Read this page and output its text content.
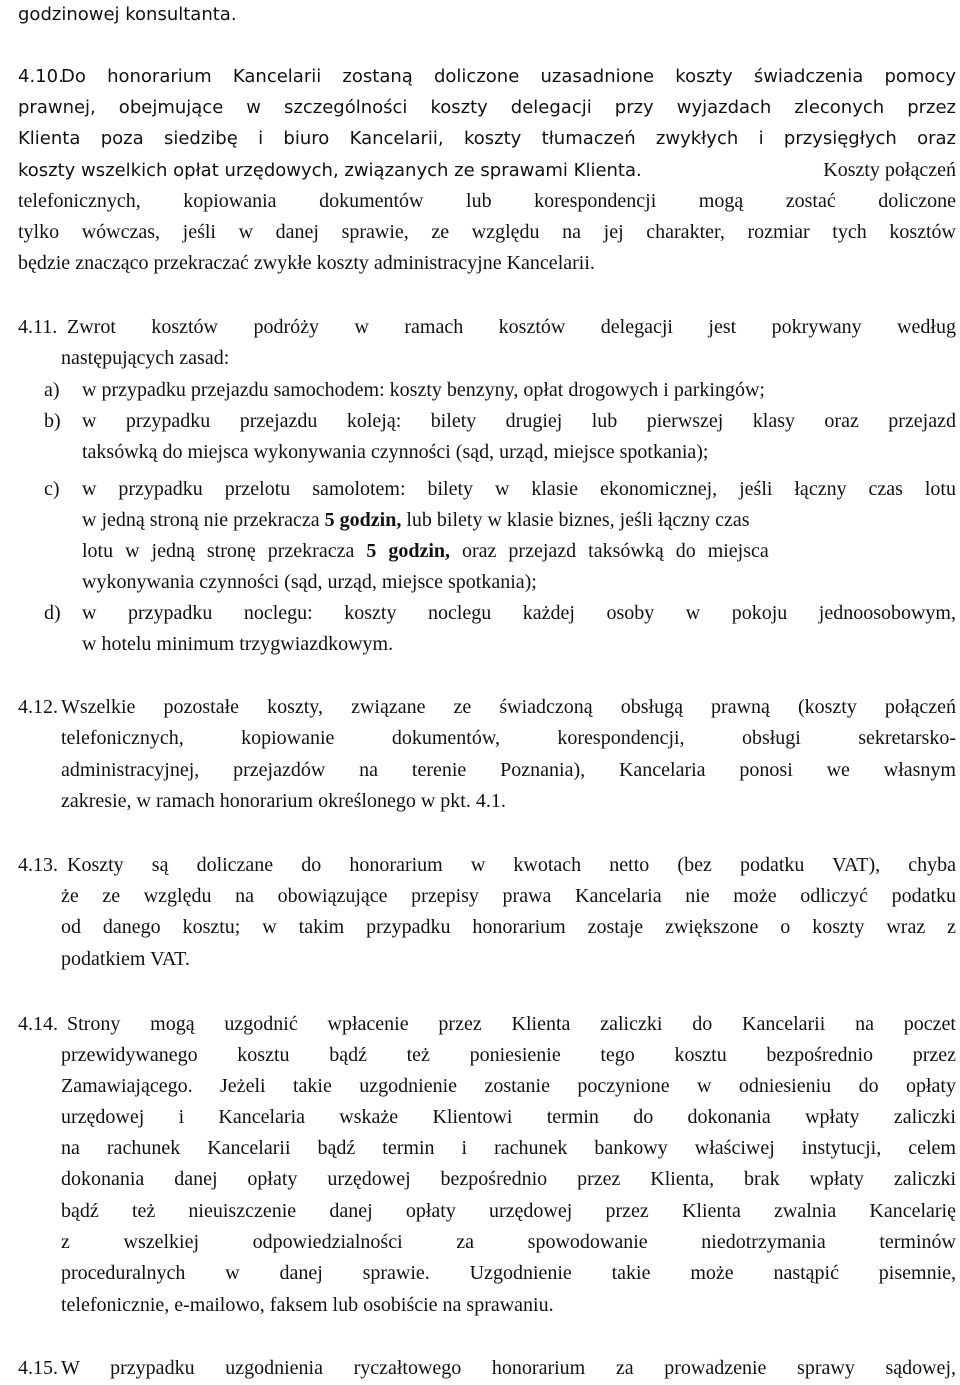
godzinowej konsultanta.
4.10.
Do honorarium Kancelarii zostaną doliczone uzasadnione koszty świadczenia pomocy
prawnej, obejmujące w szczególności koszty delegacji przy wyjazdach zleconych przez
Klienta poza siedzibę i biuro Kancelarii, koszty tłumaczeń zwykłych i przysięgłych oraz
koszty wszelkich opłat urzędowych, związanych ze sprawami Klienta.	Koszty połączeń
telefonicznych, kopiowania dokumentów lub korespondencji mogą zostać doliczone
tylko wówczas, jeśli w danej sprawie, ze względu na jej charakter, rozmiar tych kosztów
będzie znacząco przekraczać zwykłe koszty administracyjne Kancelarii.
4.11. Zwrot kosztów podróży w ramach kosztów delegacji jest pokrywany według
następujących zasad:
a) w przypadku przejazdu samochodem: koszty benzyny, opłat drogowych i parkingów;
b) w przypadku przejazdu koleją: bilety drugiej lub pierwszej klasy oraz przejazd
taksówką do miejsca wykonywania czynności (sąd, urząd, miejsce spotkania);
c) w przypadku przelotu samolotem: bilety w klasie ekonomicznej, jeśli łączny czas lotu
w jedną stroną nie przekracza 5 godzin, lub bilety w klasie biznes, jeśli łączny czas
lotu w jedną stronę przekracza 5 godzin, oraz przejazd taksówką do miejsca
wykonywania czynności (sąd, urząd, miejsce spotkania);
d) w przypadku noclegu: koszty noclegu każdej osoby w pokoju jednoosobowym,
w hotelu minimum trzygwiazdkowym.
4.12. Wszelkie pozostałe koszty, związane ze świadczoną obsługą prawną (koszty połączeń
telefonicznych, kopiowanie dokumentów, korespondencji, obsługi sekretarsko-
administracyjnej, przejazdów na terenie Poznania), Kancelaria ponosi we własnym
zakresie, w ramach honorarium określonego w pkt. 4.1.
4.13. Koszty są doliczane do honorarium w kwotach netto (bez podatku VAT), chyba
że ze względu na obowiązujące przepisy prawa Kancelaria nie może odliczyć podatku
od danego kosztu; w takim przypadku honorarium zostaje zwiększone o koszty wraz z
podatkiem VAT.
4.14. Strony mogą uzgodnić wpłacenie przez Klienta zaliczki do Kancelarii na poczet
przewidywanego kosztu bądź też poniesienie tego kosztu bezpośrednio przez
Zamawiającego. Jeżeli takie uzgodnienie zostanie poczynione w odniesieniu do opłaty
urzędowej i Kancelaria wskaże Klientowi termin do dokonania wpłaty zaliczki
na rachunek Kancelarii bądź termin i rachunek bankowy właściwej instytucji, celem
dokonania danej opłaty urzędowej bezpośrednio przez Klienta, brak wpłaty zaliczki
bądź też nieuiszczenie danej opłaty urzędowej przez Klienta zwalnia Kancelarię
z wszelkiej odpowiedzialności za spowodowanie niedotrzymania terminów
proceduralnych w danej sprawie. Uzgodnienie takie może nastąpić pisemnie,
telefonicznie, e-mailowo, faksem lub osobiście na sprawaniu.
4.15. W przypadku uzgodnienia ryczałtowego honorarium za prowadzenie sprawy sądowej,
